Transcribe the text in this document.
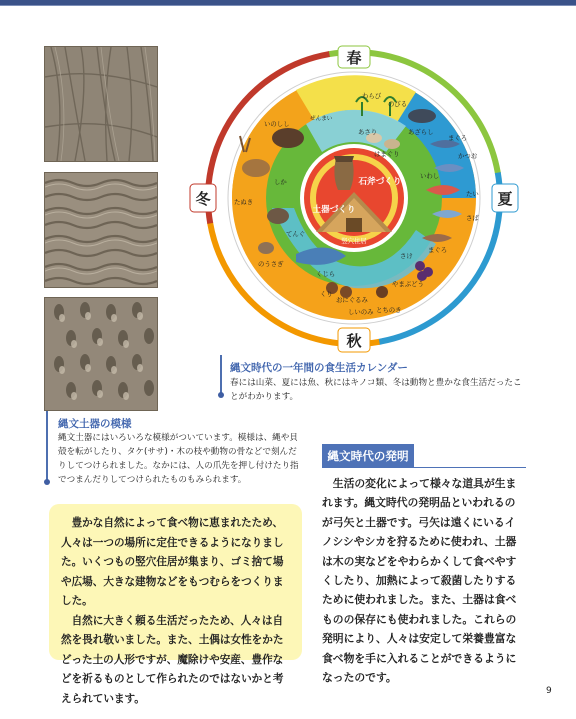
石斧づくり
土器づくり
竪穴住居
わらび
のびる
ぜんまい
あさり
はまぐり
あざらし
かつお
まぐろ
いわし
たい
さば
くじら
まぐろ
さけ
くり
おにぐるみ
やまぶどう
しいのみ とちのき
いのしし
しか
たぬき
のうさぎ
てんぐ
春
夏
秋
冬
縄文時代の一年間の食生活カレンダー
春には山菜、夏には魚、秋にはキノコ類、冬は動物と豊かな食生活だったことがわかります。
縄文土器の模様
縄文土器にはいろいろな模様がついています。模様は、縄や貝殻を転がしたり、タケ(ササ)・木の枝や動物の骨などで刻んだりしてつけられました。なかには、人の爪先を押し付けたり指でつまんだりしてつけられたものもみられます。

豊かな自然によって食べ物に恵まれたため、人々は一つの場所に定住できるようになりました。いくつもの竪穴住居が集まり、ゴミ捨て場や広場、大きな建物などをもつむらをつくりました。

自然に大きく頼る生活だったため、人々は自然を畏れ敬いました。また、土偶は女性をかたどった土の人形ですが、魔除けや安産、豊作などを祈るものとして作られたのではないかと考えられています。

縄文時代の発明

生活の変化によって様々な道具が生まれます。縄文時代の発明品といわれるのが弓矢と土器です。弓矢は遠くにいるイノシシやシカを狩るために使われ、土器は木の実などをやわらかくして食べやすくしたり、加熱によって殺菌したりするために使われました。また、土器は食べものの保存にも使われました。これらの発明により、人々は安定して栄養豊富な食べ物を手に入れることができるようになったのです。

9
